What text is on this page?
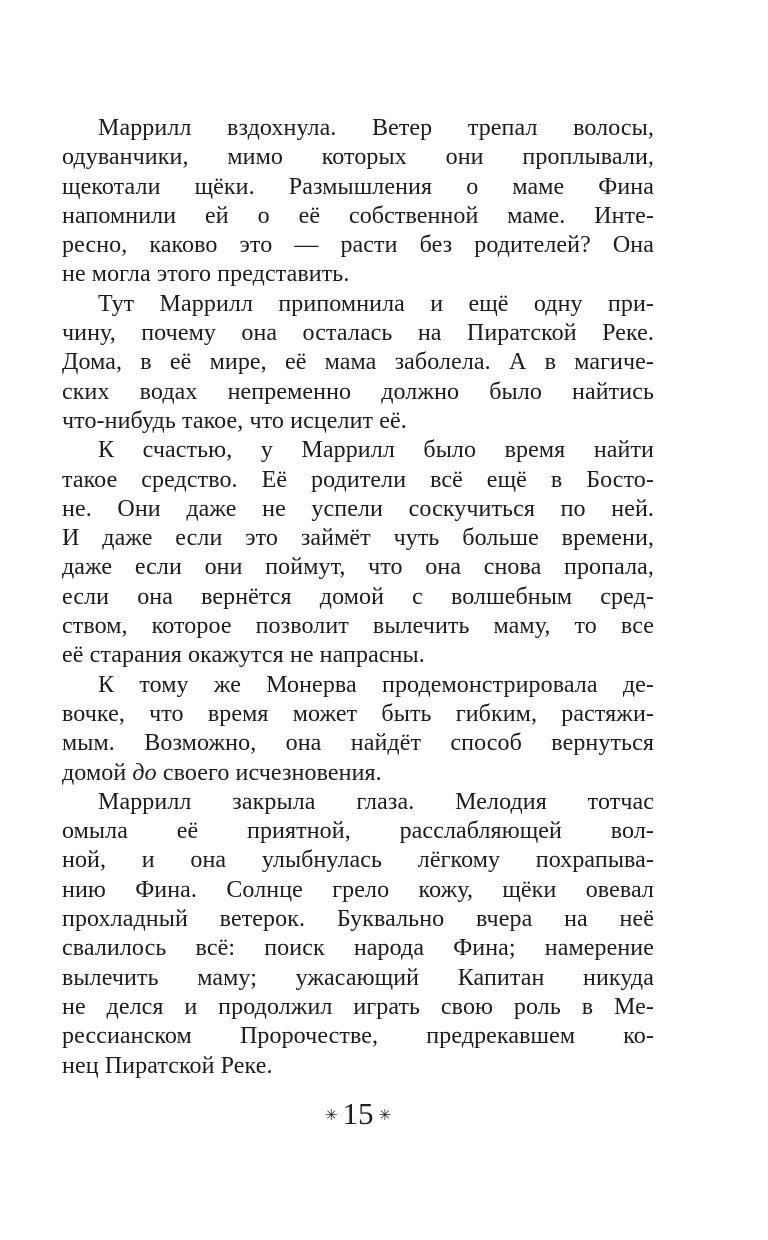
Маррилл вздохнула. Ветер трепал волосы,
одуванчики, мимо которых они проплывали,
щекотали щёки. Размышления о маме Фина
напомнили ей о её собственной маме. Инте-
ресно, каково это — расти без родителей? Она
не могла этого представить.
Тут Маррилл припомнила и ещё одну при-
чину, почему она осталась на Пиратской Реке.
Дома, в её мире, её мама заболела. А в магиче-
ских водах непременно должно было найтись
что-нибудь такое, что исцелит её.
К счастью, у Маррилл было время найти
такое средство. Её родители всё ещё в Босто-
не. Они даже не успели соскучиться по ней.
И даже если это займёт чуть больше времени,
даже если они поймут, что она снова пропала,
если она вернётся домой с волшебным сред-
ством, которое позволит вылечить маму, то все
её старания окажутся не напрасны.
К тому же Монерва продемонстрировала де-
вочке, что время может быть гибким, растяжи-
мым. Возможно, она найдёт способ вернуться
домой до своего исчезновения.
Маррилл закрыла глаза. Мелодия тотчас
омыла её приятной, расслабляющей вол-
ной, и она улыбнулась лёгкому похрапыва-
нию Фина. Солнце грело кожу, щёки овевал
прохладный ветерок. Буквально вчера на неё
свалилось всё: поиск народа Фина; намерение
вылечить маму; ужасающий Капитан никуда
не делся и продолжил играть свою роль в Ме-
рессианском Пророчестве, предрекавшем ко-
нец Пиратской Реке.
✳ 15 ✳
